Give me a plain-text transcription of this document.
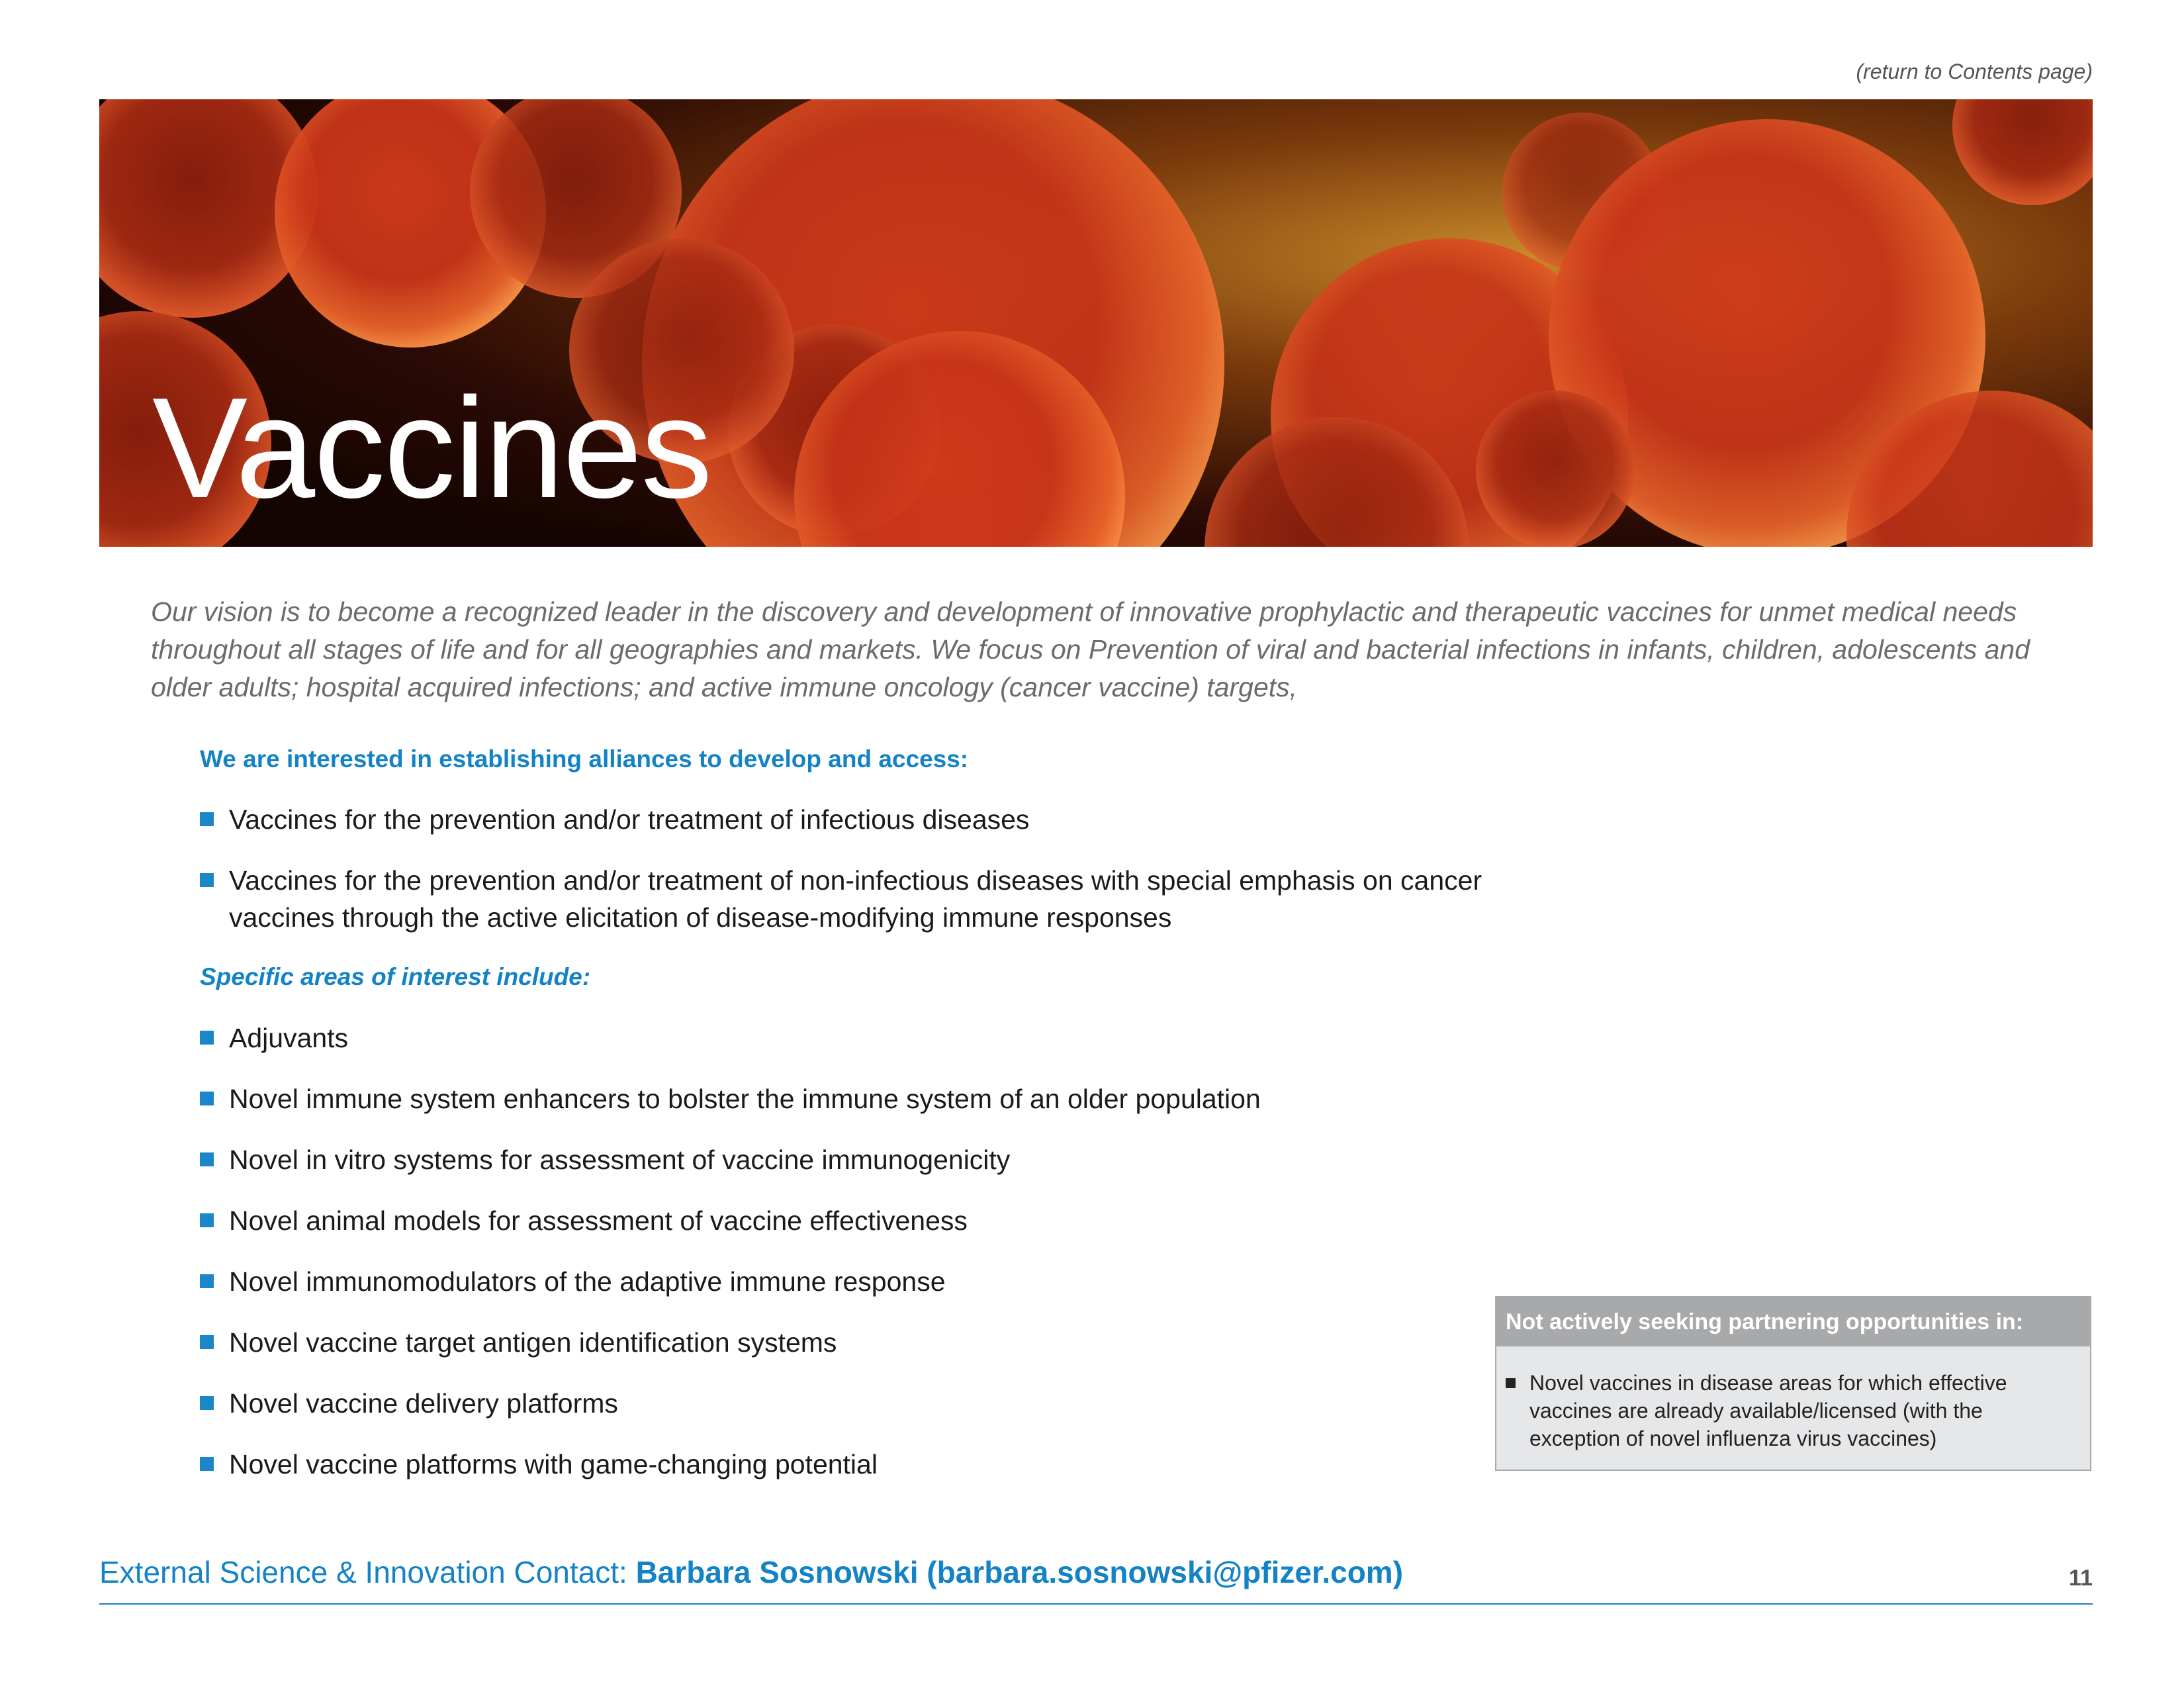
(return to Contents page)
Vaccines

Our vision is to become a recognized leader in the discovery and development of innovative prophylactic and therapeutic vaccines for unmet medical needs throughout all stages of life and for all geographies and markets. We focus on Prevention of viral and bacterial infections in infants, children, adolescents and older adults; hospital acquired infections; and active immune oncology (cancer vaccine) targets,

We are interested in establishing alliances to develop and access:
Vaccines for the prevention and/or treatment of infectious diseases
Vaccines for the prevention and/or treatment of non-infectious diseases with special emphasis on cancer vaccines through the active elicitation of disease-modifying immune responses
Specific areas of interest include:
Adjuvants
Novel immune system enhancers to bolster the immune system of an older population
Novel in vitro systems for assessment of vaccine immunogenicity
Novel animal models for assessment of vaccine effectiveness
Novel immunomodulators of the adaptive immune response
Novel vaccine target antigen identification systems
Novel vaccine delivery platforms
Novel vaccine platforms with game-changing potential
Not actively seeking partnering opportunities in:
Novel vaccines in disease areas for which effective vaccines are already available/licensed (with the exception of novel influenza virus vaccines)
External Science & Innovation Contact: Barbara Sosnowski (barbara.sosnowski@pfizer.com)	11
